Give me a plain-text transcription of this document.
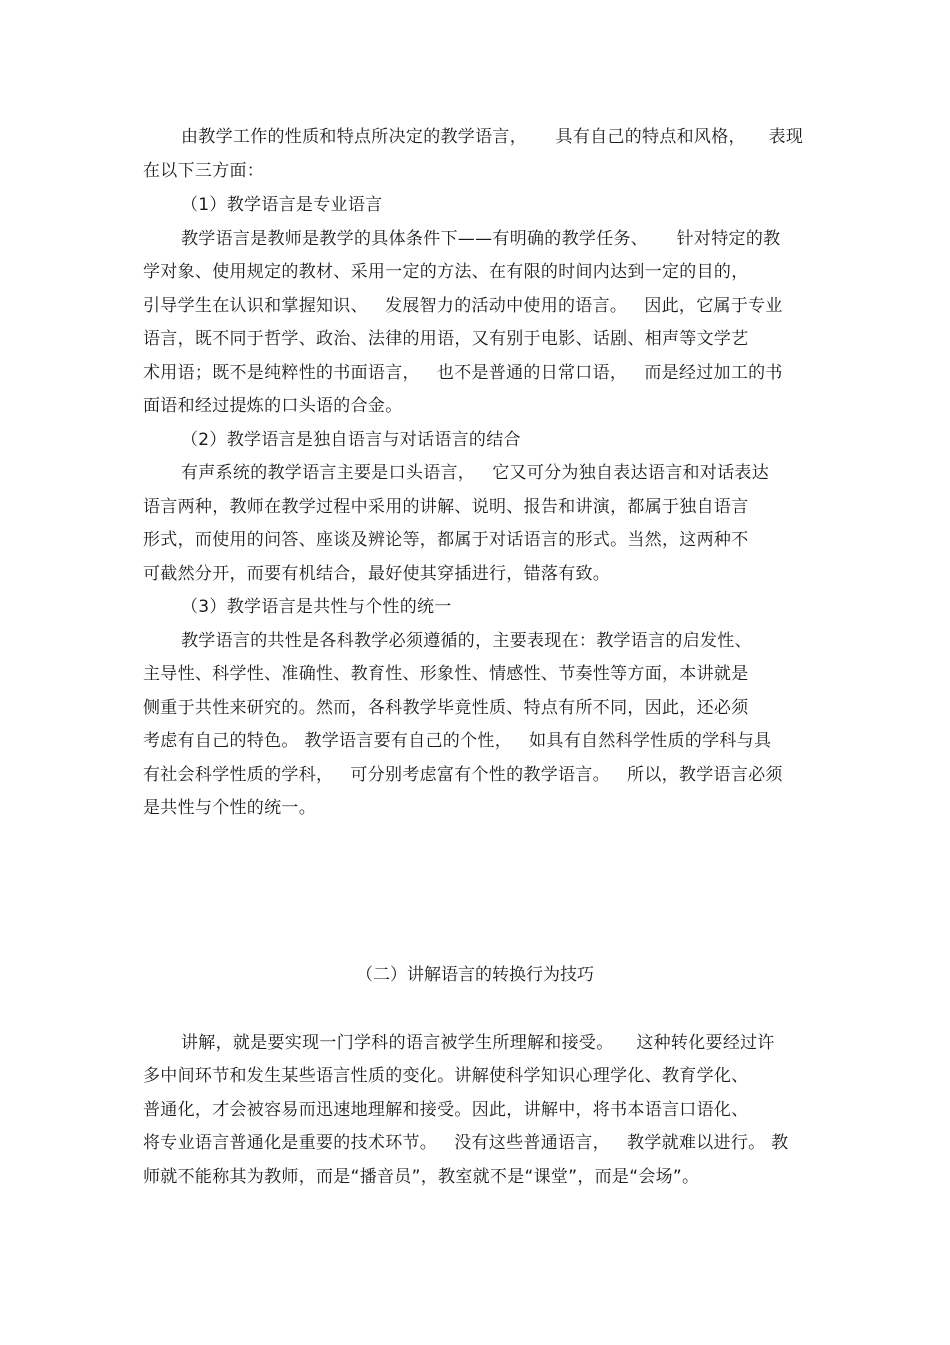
由教学工作的性质和特点所决定的教学语言，     具有自己的特点和风格，    表现
在以下三方面：
（1）教学语言是专业语言
教学语言是教师是教学的具体条件下——有明确的教学任务、     针对特定的教
学对象、使用规定的教材、采用一定的方法、在有限的时间内达到一定的目的，
引导学生在认识和掌握知识、   发展智力的活动中使用的语言。   因此，它属于专业
语言，既不同于哲学、政治、法律的用语，又有别于电影、话剧、相声等文学艺
术用语；既不是纯粹性的书面语言，   也不是普通的日常口语，   而是经过加工的书
面语和经过提炼的口头语的合金。
（2）教学语言是独自语言与对话语言的结合
有声系统的教学语言主要是口头语言，   它又可分为独自表达语言和对话表达
语言两种，教师在教学过程中采用的讲解、说明、报告和讲演，都属于独自语言
形式，而使用的问答、座谈及辨论等，都属于对话语言的形式。当然，这两种不
可截然分开，而要有机结合，最好使其穿插进行，错落有致。
（3）教学语言是共性与个性的统一
教学语言的共性是各科教学必须遵循的，主要表现在：教学语言的启发性、
主导性、科学性、准确性、教育性、形象性、情感性、节奏性等方面，本讲就是
侧重于共性来研究的。然而，各科教学毕竟性质、特点有所不同，因此，还必须
考虑有自己的特色。 教学语言要有自己的个性，   如具有自然科学性质的学科与具
有社会科学性质的学科，   可分别考虑富有个性的教学语言。   所以，教学语言必须
是共性与个性的统一。
（二）讲解语言的转换行为技巧
讲解，就是要实现一门学科的语言被学生所理解和接受。    这种转化要经过许
多中间环节和发生某些语言性质的变化。讲解使科学知识心理学化、教育学化、
普通化，才会被容易而迅速地理解和接受。因此，讲解中，将书本语言口语化、
将专业语言普通化是重要的技术环节。   没有这些普通语言，   教学就难以进行。 教
师就不能称其为教师，而是“播音员”，教室就不是“课堂”，而是“会场”。
